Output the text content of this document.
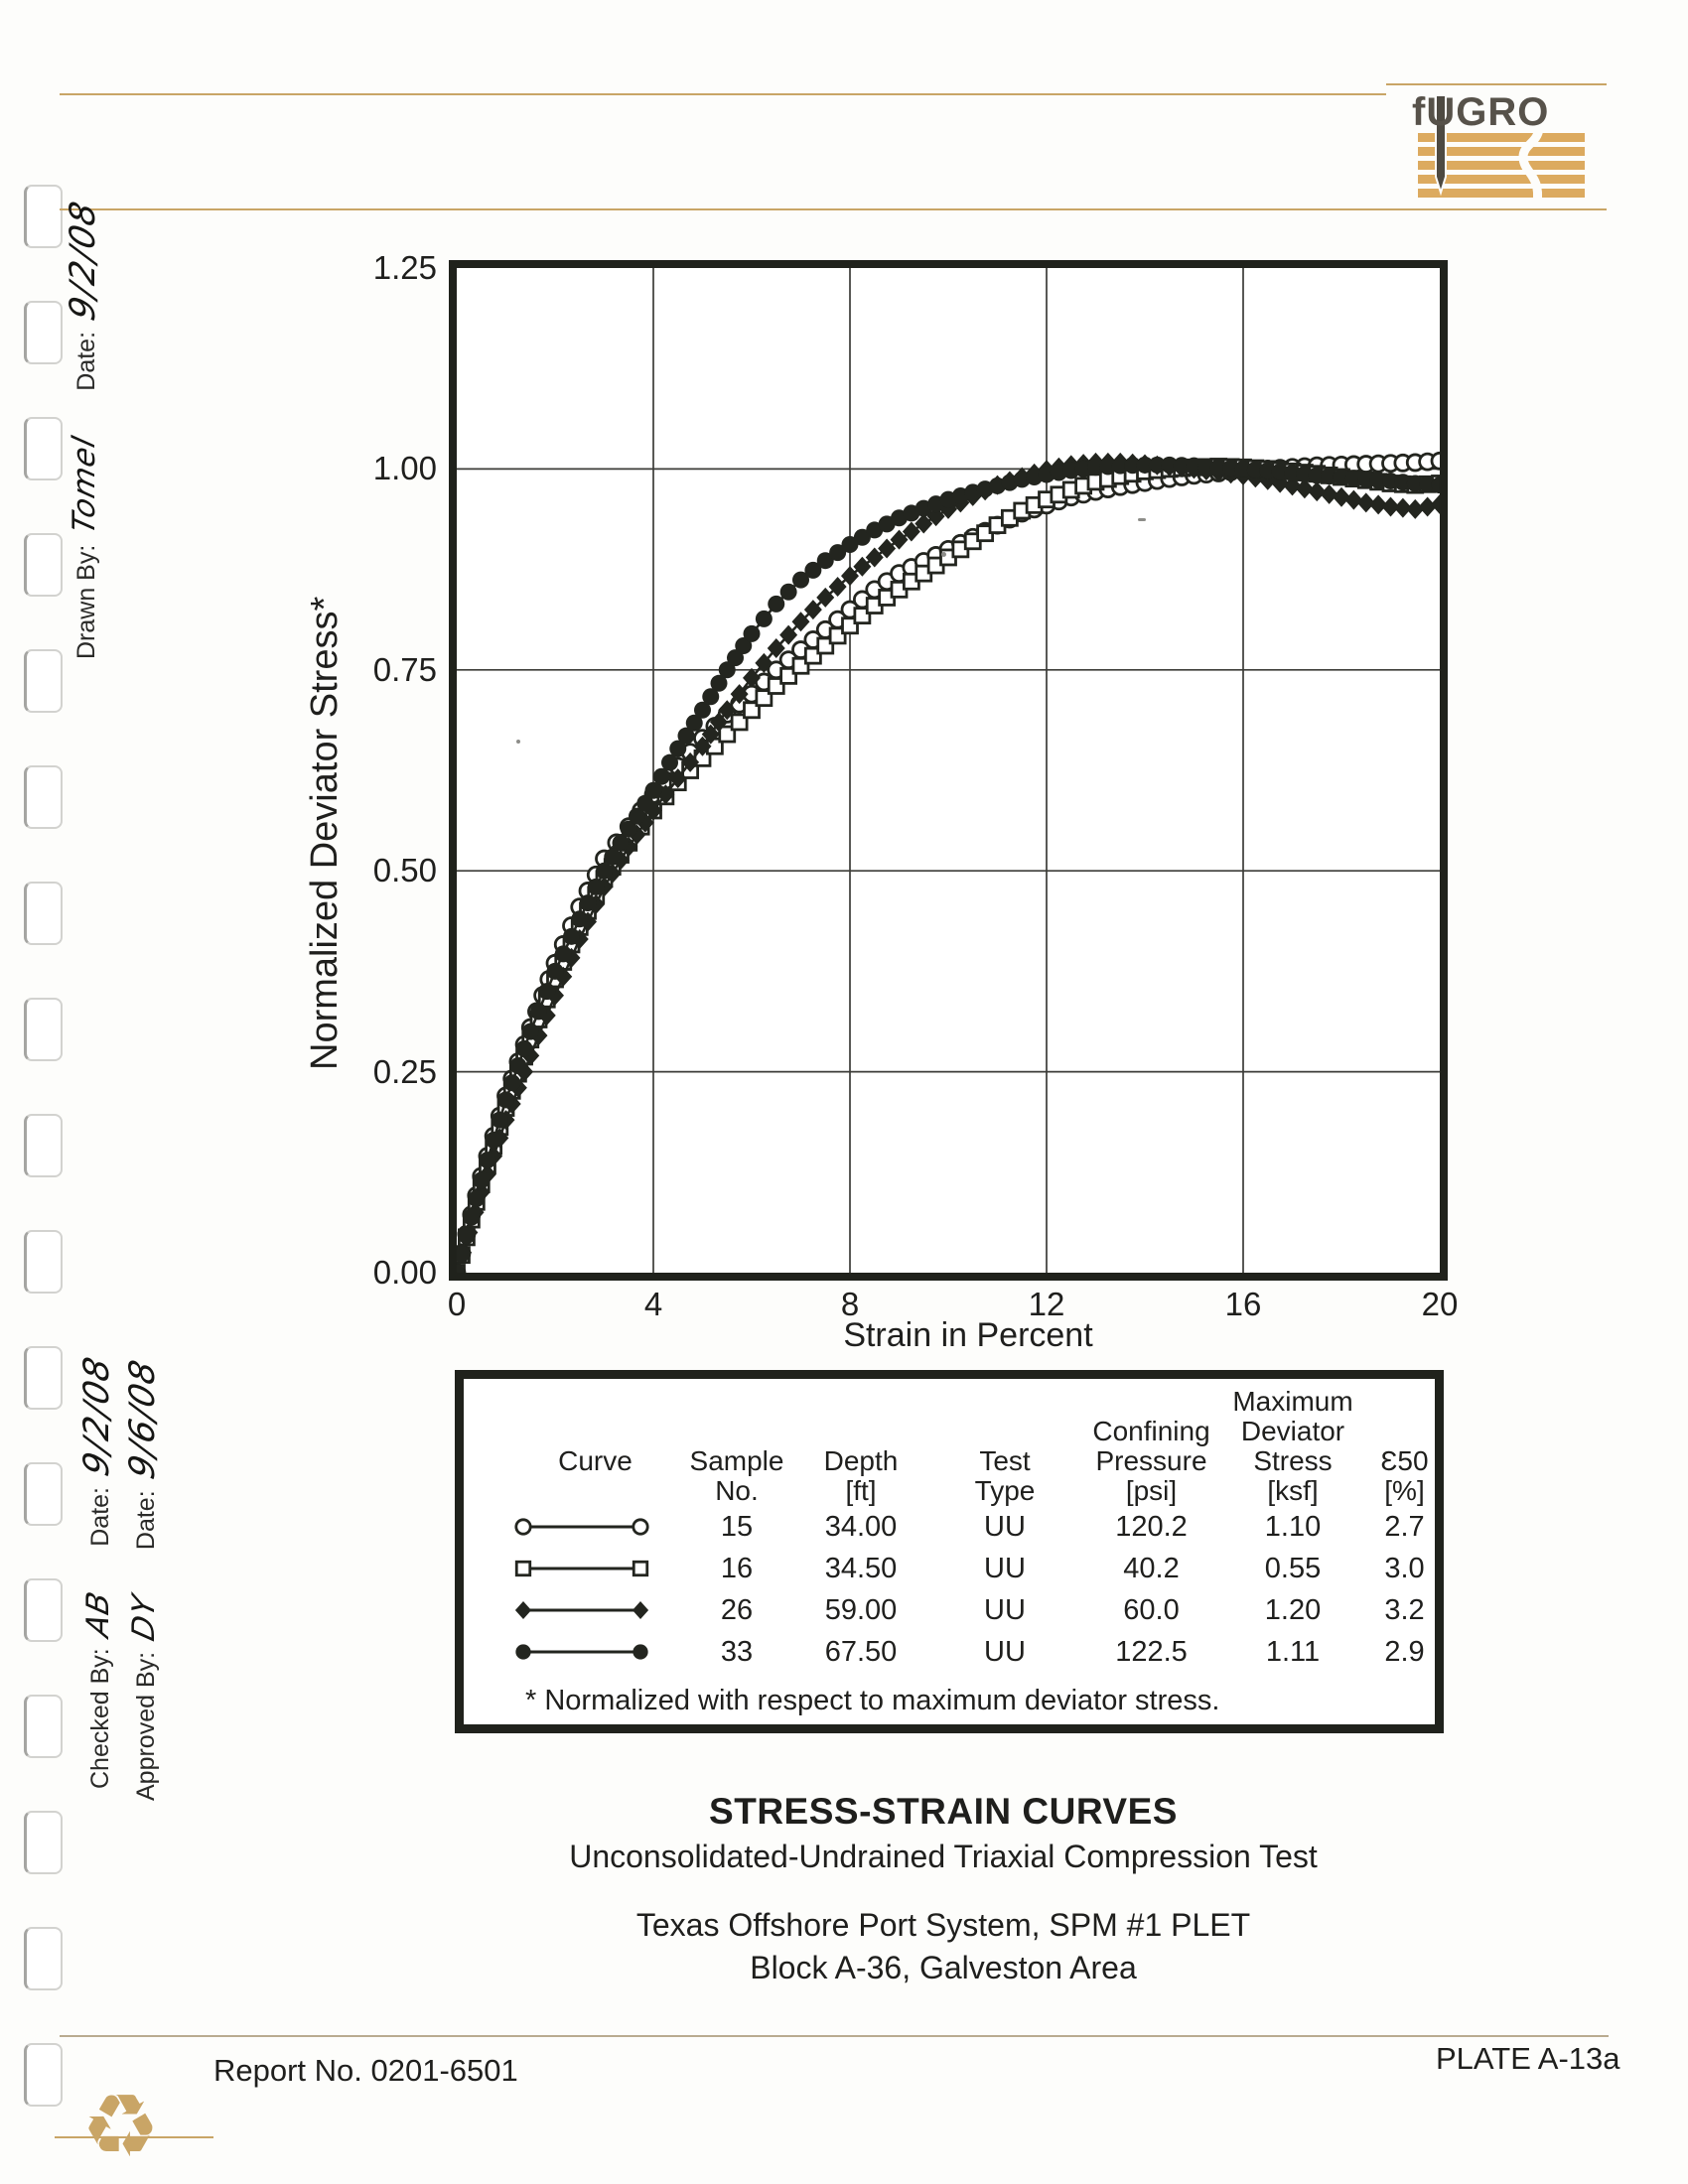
fUGRO
Drawn By:
Tomel
Date:
9/2/08
Checked By:
AB
Date:
9/2/08
Approved By:
DY
Date:
9/6/08
Normalized Deviator Stress*
0.00
0.25
0.50
0.75
1.00
1.25
0	4	8	12	16	20
Strain in Percent
Curve
Sample
No.
Depth
[ft]
Test
Type
Confining
Pressure
[psi]
Maximum
Deviator
Stress
[ksf]
Ɛ50
[%]
15	34.00	UU	120.2	1.10	2.7
16	34.50	UU	40.2	0.55	3.0
26	59.00	UU	60.0	1.20	3.2
33	67.50	UU	122.5	1.11	2.9
* Normalized with respect to maximum deviator stress.
STRESS-STRAIN CURVES
Unconsolidated-Undrained Triaxial Compression Test
Texas Offshore Port System, SPM #1 PLET
Block A-36, Galveston Area
Report No. 0201-6501	PLATE A-13a
♻
